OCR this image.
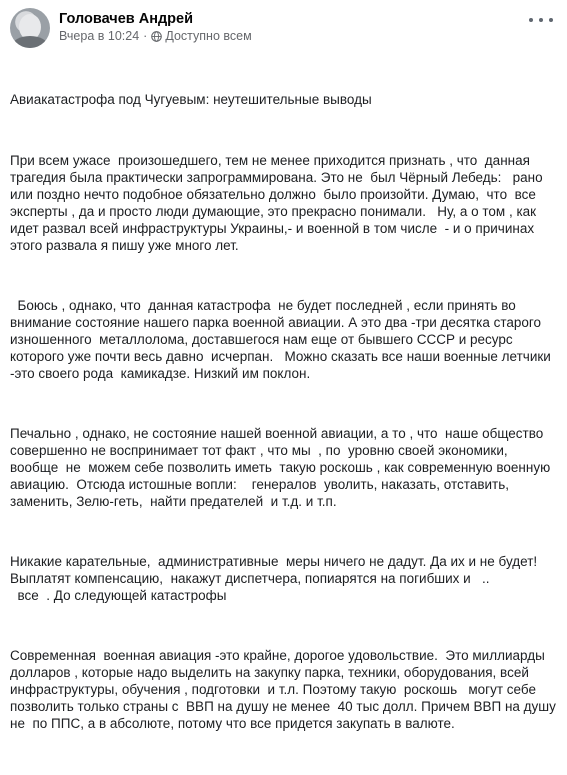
Головачев Андрей
Вчера в 10:24 · Доступно всем

Авиакатастрофа под Чугуевым: неутешительные выводы

При всем ужасе  произошедшего, тем не менее приходится признать , что  данная
трагедия была практически запрограммирована. Это не  был Чёрный Лебедь:   рано
или поздно нечто подобное обязательно должно  было произойти. Думаю,  что  все
эксперты , да и просто люди думающие, это прекрасно понимали.   Ну, а о том , как
идет развал всей инфраструктуры Украины,- и военной в том числе  - и о причинах
этого развала я пишу уже много лет.

Боюсь , однако, что  данная катастрофа  не будет последней , если принять во
внимание состояние нашего парка военной авиации. А это два -три десятка старого
изношенного  металлолома, доставшегося нам еще от бывшего СССР и ресурс
которого уже почти весь давно  исчерпан.   Можно сказать все наши военные летчики
-это своего рода  камикадзе. Низкий им поклон.

Печально , однако, не состояние нашей военной авиации, а то , что  наше общество
совершенно не воспринимает тот факт , что мы  , по  уровню своей экономики,
вообще  не  можем себе позволить иметь  такую роскошь , как современную военную
авиацию.  Отсюда истошные вопли:    генералов  уволить, наказать, отставить,
заменить, Зелю-геть,  найти предателей  и т.д. и т.п.

Никакие карательные,  административные  меры ничего не дадут. Да их и не будет!
Выплатят компенсацию,  накажут диспетчера, попиарятся на погибших и   ..
все  . До следующей катастрофы

Современная  военная авиация -это крайне, дорогое удовольствие.  Это миллиарды
долларов , которые надо выделить на закупку парка, техники, оборудования, всей
инфраструктуры, обучения , подготовки  и т.л. Поэтому такую  роскошь   могут себе
позволить только страны с  ВВП на душу не менее  40 тыс долл. Причем ВВП на душу
не  по ППС, а в абсолюте, потому что все придется закупать в валюте.
